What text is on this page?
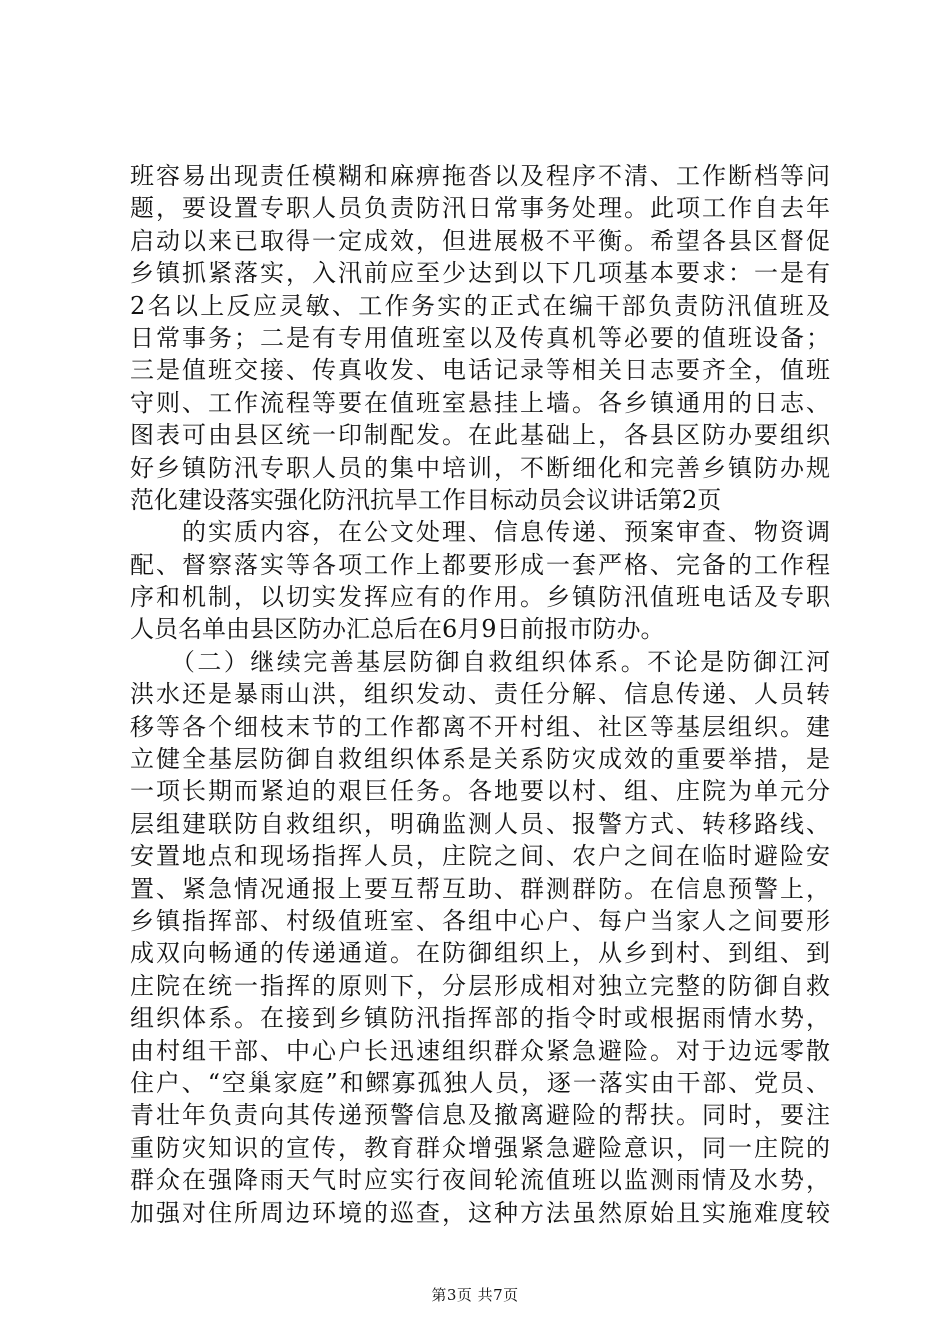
班容易出现责任模糊和麻痹拖沓以及程序不清、工作断档等问
题，要设置专职人员负责防汛日常事务处理。此项工作自去年
启动以来已取得一定成效，但进展极不平衡。希望各县区督促
乡镇抓紧落实，入汛前应至少达到以下几项基本要求：一是有
2名以上反应灵敏、工作务实的正式在编干部负责防汛值班及
日常事务；二是有专用值班室以及传真机等必要的值班设备；
三是值班交接、传真收发、电话记录等相关日志要齐全，值班
守则、工作流程等要在值班室悬挂上墙。各乡镇通用的日志、
图表可由县区统一印制配发。在此基础上，各县区防办要组织
好乡镇防汛专职人员的集中培训，不断细化和完善乡镇防办规
范化建设落实强化防汛抗旱工作目标动员会议讲话第2页
　　的实质内容，在公文处理、信息传递、预案审查、物资调
配、督察落实等各项工作上都要形成一套严格、完备的工作程
序和机制，以切实发挥应有的作用。乡镇防汛值班电话及专职
人员名单由县区防办汇总后在6月9日前报市防办。
　　（二）继续完善基层防御自救组织体系。不论是防御江河
洪水还是暴雨山洪，组织发动、责任分解、信息传递、人员转
移等各个细枝末节的工作都离不开村组、社区等基层组织。建
立健全基层防御自救组织体系是关系防灾成效的重要举措，是
一项长期而紧迫的艰巨任务。各地要以村、组、庄院为单元分
层组建联防自救组织，明确监测人员、报警方式、转移路线、
安置地点和现场指挥人员，庄院之间、农户之间在临时避险安
置、紧急情况通报上要互帮互助、群测群防。在信息预警上，
乡镇指挥部、村级值班室、各组中心户、每户当家人之间要形
成双向畅通的传递通道。在防御组织上，从乡到村、到组、到
庄院在统一指挥的原则下，分层形成相对独立完整的防御自救
组织体系。在接到乡镇防汛指挥部的指令时或根据雨情水势，
由村组干部、中心户长迅速组织群众紧急避险。对于边远零散
住户、“空巢家庭”和鳏寡孤独人员，逐一落实由干部、党员、
青壮年负责向其传递预警信息及撤离避险的帮扶。同时，要注
重防灾知识的宣传，教育群众增强紧急避险意识，同一庄院的
群众在强降雨天气时应实行夜间轮流值班以监测雨情及水势，
加强对住所周边环境的巡查，这种方法虽然原始且实施难度较
第3页 共7页
